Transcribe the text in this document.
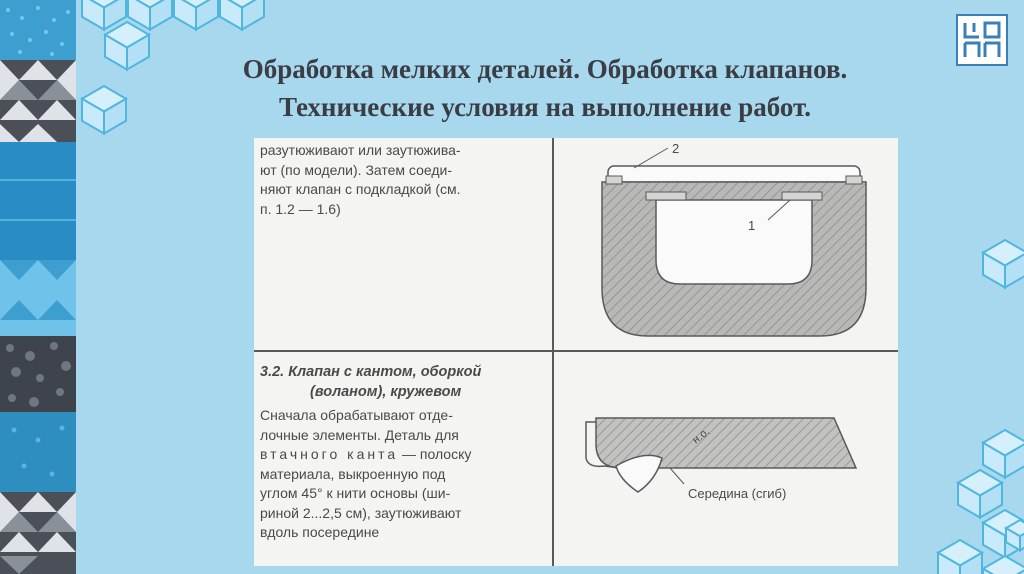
Обработка мелких деталей. Обработка клапанов.
Технические условия на выполнение работ.
разутюживают или заутюжива-
ют (по модели). Затем соеди-
няют клапан с подкладкой (см.
п. 1.2 — 1.6)
3.2. Клапан с кантом, оборкой
(воланом), кружевом
Сначала обрабатывают отде-
лочные элементы. Деталь для
втачного канта — полоску
материала, выкроенную под
углом 45° к нити основы (ши-
риной 2...2,5 см), заутюживают
вдоль посередине
2
1
н.о.
Середина (сгиб)
